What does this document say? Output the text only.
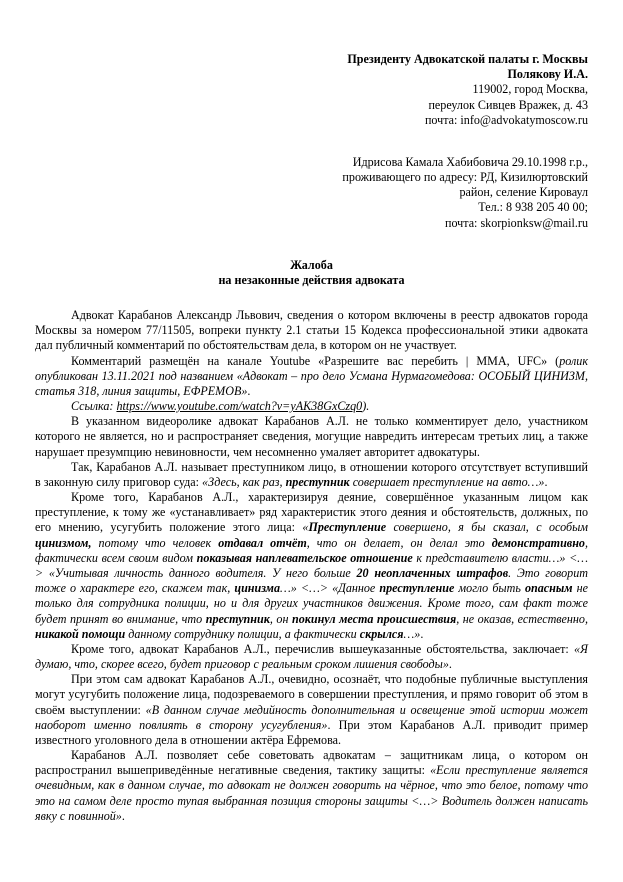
Президенту Адвокатской палаты г. Москвы
Полякову И.А.
119002, город Москва,
переулок Сивцев Вражек, д. 43
почта: info@advokatymoscow.ru
Идрисова Камала Хабибовича 29.10.1998 г.р.,
проживающего по адресу: РД, Кизилюртовский
район, селение Кироваул
Тел.: 8 938 205 40 00;
почта: skorpionksw@mail.ru
Жалоба
на незаконные действия адвоката

Адвокат Карабанов Александр Львович, сведения о котором включены в реестр адвокатов города Москвы за номером 77/11505, вопреки пункту 2.1 статьи 15 Кодекса профессиональной этики адвоката дал публичный комментарий по обстоятельствам дела, в котором он не участвует.

Комментарий размещён на канале Youtube «Разрешите вас перебить | MMA, UFC» (ролик опубликован 13.11.2021 под названием «Адвокат – про дело Усмана Нурмагомедова: ОСОБЫЙ ЦИНИЗМ, статья 318, линия защиты, ЕФРЕМОВ».

Ссылка: https://www.youtube.com/watch?v=yAK38GxCzq0).

В указанном видеоролике адвокат Карабанов А.Л. не только комментирует дело, участником которого не является, но и распространяет сведения, могущие навредить интересам третьих лиц, а также нарушает презумпцию невиновности, чем несомненно умаляет авторитет адвокатуры.

Так, Карабанов А.Л. называет преступником лицо, в отношении которого отсутствует вступивший в законную силу приговор суда: «Здесь, как раз, преступник совершает преступление на авто…».

Кроме того, Карабанов А.Л., характеризируя деяние, совершённое указанным лицом как преступление, к тому же «устанавливает» ряд характеристик этого деяния и обстоятельств, должных, по его мнению, усугубить положение этого лица: «Преступление совершено, я бы сказал, с особым цинизмом, потому что человек отдавал отчёт, что он делает, он делал это демонстративно, фактически всем своим видом показывая наплевательское отношение к представителю власти…» <…> «Учитывая личность данного водителя. У него больше 20 неоплаченных штрафов. Это говорит тоже о характере его, скажем так, цинизма…» <…> «Данное преступление могло быть опасным не только для сотрудника полиции, но и для других участников движения. Кроме того, сам факт тоже будет принят во внимание, что преступник, он покинул места происшествия, не оказав, естественно, никакой помощи данному сотруднику полиции, а фактически скрылся…».

Кроме того, адвокат Карабанов А.Л., перечислив вышеуказанные обстоятельства, заключает: «Я думаю, что, скорее всего, будет приговор с реальным сроком лишения свободы».

При этом сам адвокат Карабанов А.Л., очевидно, осознаёт, что подобные публичные выступления могут усугубить положение лица, подозреваемого в совершении преступления, и прямо говорит об этом в своём выступлении: «В данном случае медийность дополнительная и освещение этой истории может наоборот именно повлиять в сторону усугубления». При этом Карабанов А.Л. приводит пример известного уголовного дела в отношении актёра Ефремова.

Карабанов А.Л. позволяет себе советовать адвокатам – защитникам лица, о котором он распространил вышеприведённые негативные сведения, тактику защиты: «Если преступление является очевидным, как в данном случае, то адвокат не должен говорить на чёрное, что это белое, потому что это на самом деле просто тупая выбранная позиция стороны защиты <…> Водитель должен написать явку с повинной».
